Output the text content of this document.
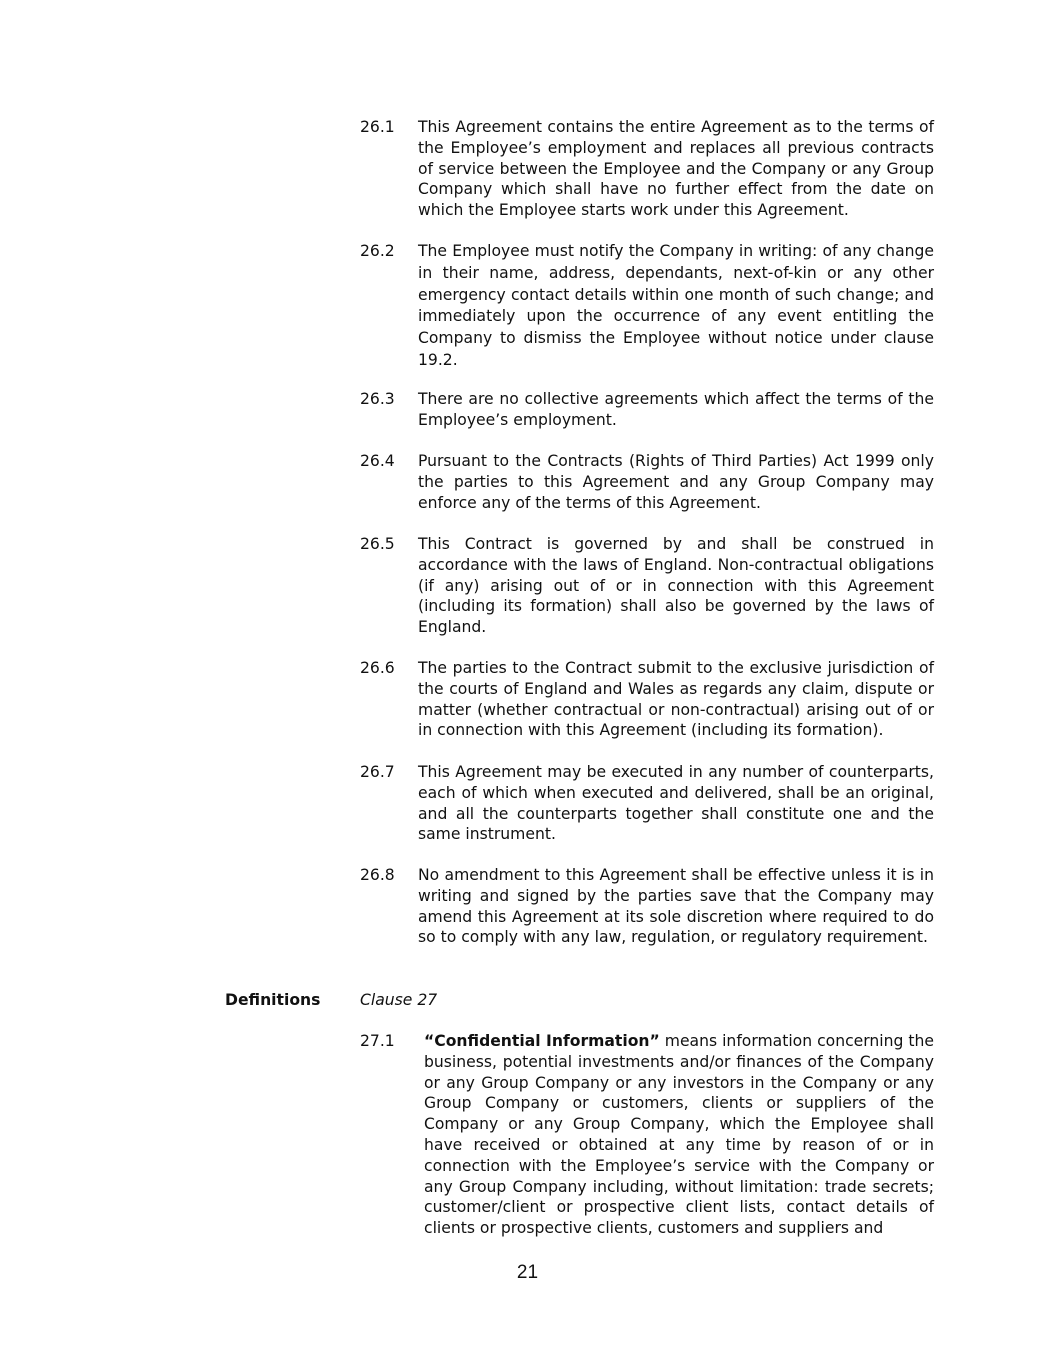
26.1	This Agreement contains the entire Agreement as to the terms of the Employee’s employment and replaces all previous contracts of service between the Employee and the Company or any Group Company which shall have no further effect from the date on which the Employee starts work under this Agreement.
26.2	The Employee must notify the Company in writing: of any change in their name, address, dependants, next-of-kin or any other emergency contact details within one month of such change; and immediately upon the occurrence of any event entitling the Company to dismiss the Employee without notice under clause 19.2.
26.3	There are no collective agreements which affect the terms of the Employee’s employment.
26.4	Pursuant to the Contracts (Rights of Third Parties) Act 1999 only the parties to this Agreement and any Group Company may enforce any of the terms of this Agreement.
26.5	This Contract is governed by and shall be construed in accordance with the laws of England. Non-contractual obligations (if any) arising out of or in connection with this Agreement (including its formation) shall also be governed by the laws of England.
26.6	The parties to the Contract submit to the exclusive jurisdiction of the courts of England and Wales as regards any claim, dispute or matter (whether contractual or non-contractual) arising out of or in connection with this Agreement (including its formation).
26.7	This Agreement may be executed in any number of counterparts, each of which when executed and delivered, shall be an original, and all the counterparts together shall constitute one and the same instrument.
26.8	No amendment to this Agreement shall be effective unless it is in writing and signed by the parties save that the Company may amend this Agreement at its sole discretion where required to do so to comply with any law, regulation, or regulatory requirement.
Definitions	Clause 27
27.1	“Confidential Information” means information concerning the business, potential investments and/or finances of the Company or any Group Company or any investors in the Company or any Group Company or customers, clients or suppliers of the Company or any Group Company, which the Employee shall have received or obtained at any time by reason of or in connection with the Employee’s service with the Company or any Group Company including, without limitation: trade secrets; customer/client or prospective client lists, contact details of clients or prospective clients, customers and suppliers and
21
